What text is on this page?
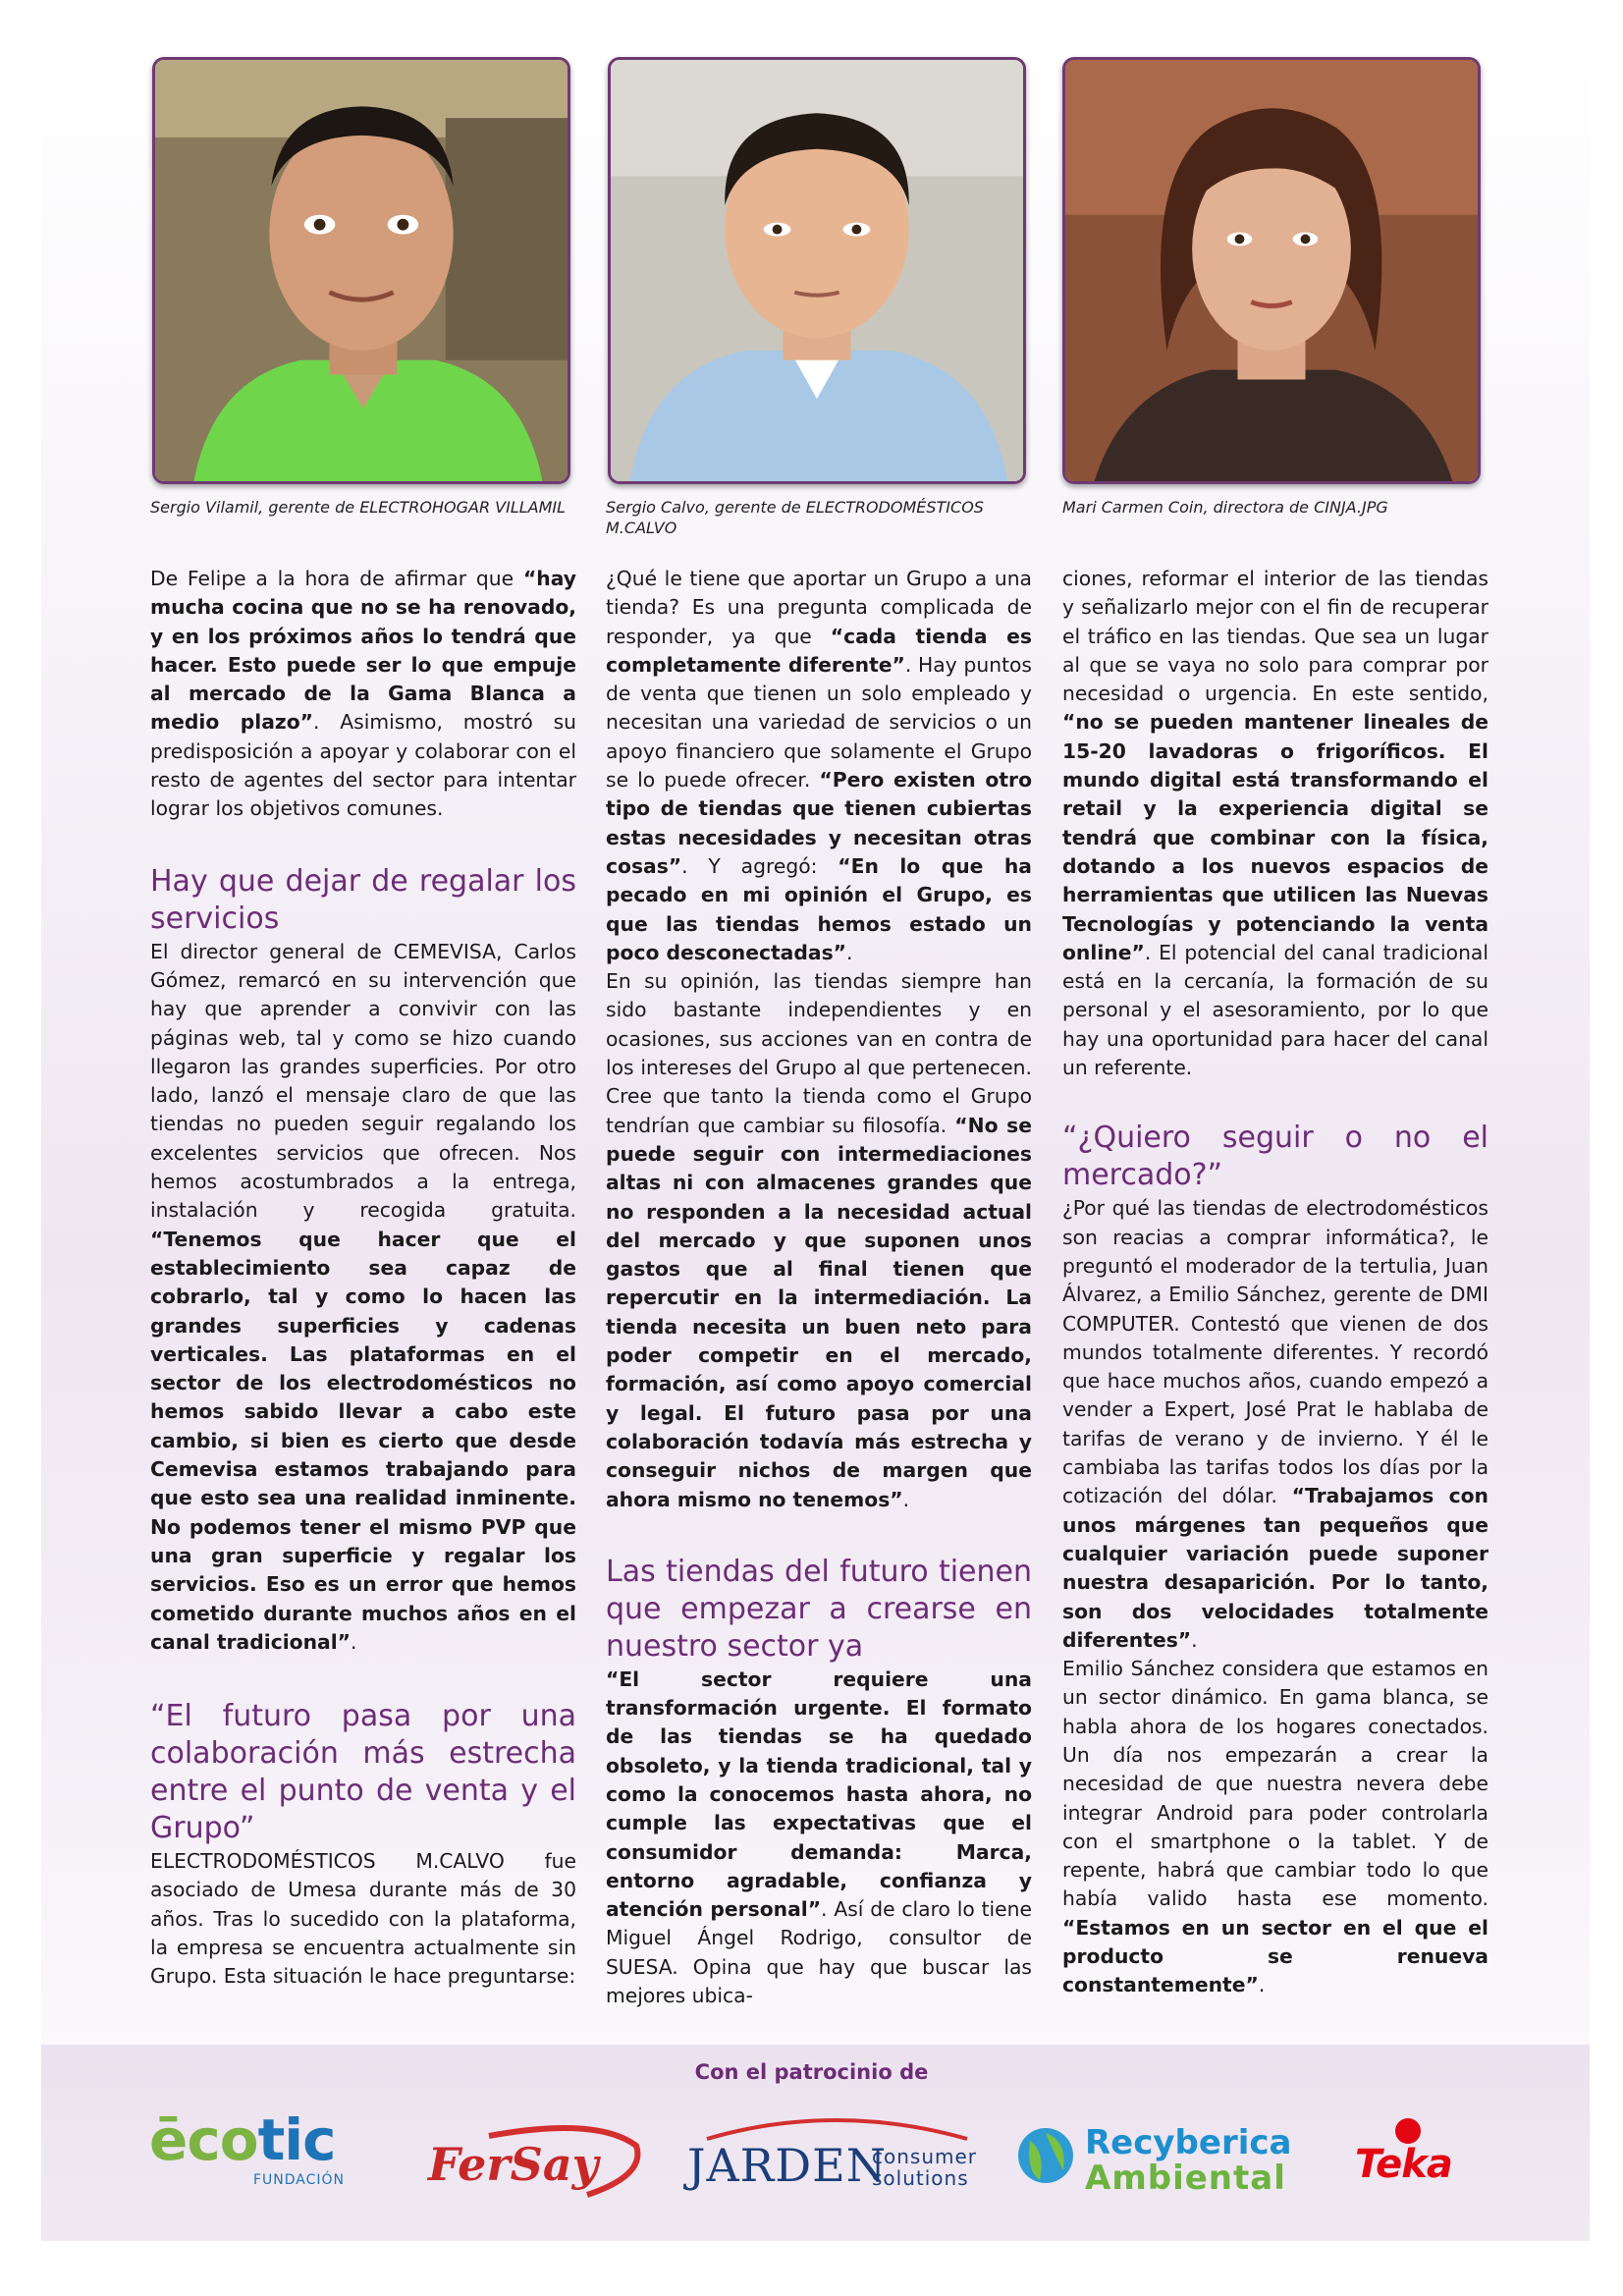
Sergio Vilamil, gerente de ELECTROHOGAR VILLAMIL	Sergio Calvo, gerente de ELECTRODOMÉSTICOS M.CALVO
Mari Carmen Coin, directora de CINJA.JPG

De Felipe a la hora de afirmar que “hay mucha cocina que no se ha renovado, y en los próximos años lo tendrá que hacer. Esto puede ser lo que empuje al mercado de la Gama Blanca a medio plazo”. Asimismo, mostró su predisposición a apoyar y colaborar con el resto de agentes del sector para intentar lograr los objetivos comunes.

Hay que dejar de regalar los servicios

El director general de CEMEVISA, Carlos Gómez, remarcó en su intervención que hay que aprender a convivir con las páginas web, tal y como se hizo cuando llegaron las grandes superficies. Por otro lado, lanzó el mensaje claro de que las tiendas no pueden seguir regalando los excelentes servicios que ofrecen. Nos hemos acostumbrados a la entrega, instalación y recogida gratuita. “Tenemos que hacer que el establecimiento sea capaz de cobrarlo, tal y como lo hacen las grandes superficies y cadenas verticales. Las plataformas en el sector de los electrodomésticos no hemos sabido llevar a cabo este cambio, si bien es cierto que desde Cemevisa estamos trabajando para que esto sea una realidad inminente. No podemos tener el mismo PVP que una gran superficie y regalar los servicios. Eso es un error que hemos cometido durante muchos años en el canal tradicional”.

“El futuro pasa por una colaboración más estrecha entre el punto de venta y el Grupo”

ELECTRODOMÉSTICOS M.CALVO fue asociado de Umesa durante más de 30 años. Tras lo sucedido con la plataforma, la empresa se encuentra actualmente sin Grupo. Esta situación le hace preguntarse:

¿Qué le tiene que aportar un Grupo a una tienda? Es una pregunta complicada de responder, ya que “cada tienda es completamente diferente”. Hay puntos de venta que tienen un solo empleado y necesitan una variedad de servicios o un apoyo financiero que solamente el Grupo se lo puede ofrecer. “Pero existen otro tipo de tiendas que tienen cubiertas estas necesidades y necesitan otras cosas”. Y agregó: “En lo que ha pecado en mi opinión el Grupo, es que las tiendas hemos estado un poco desconectadas”.

En su opinión, las tiendas siempre han sido bastante independientes y en ocasiones, sus acciones van en contra de los intereses del Grupo al que pertenecen. Cree que tanto la tienda como el Grupo tendrían que cambiar su filosofía. “No se puede seguir con intermediaciones altas ni con almacenes grandes que no responden a la necesidad actual del mercado y que suponen unos gastos que al final tienen que repercutir en la intermediación. La tienda necesita un buen neto para poder competir en el mercado, formación, así como apoyo comercial y legal. El futuro pasa por una colaboración todavía más estrecha y conseguir nichos de margen que ahora mismo no tenemos”.

Las tiendas del futuro tienen que empezar a crearse en nuestro sector ya

“El sector requiere una transformación urgente. El formato de las tiendas se ha quedado obsoleto, y la tienda tradicional, tal y como la conocemos hasta ahora, no cumple las expectativas que el consumidor demanda: Marca, entorno agradable, confianza y atención personal”. Así de claro lo tiene Miguel Ángel Rodrigo, consultor de SUESA. Opina que hay que buscar las mejores ubica-

ciones, reformar el interior de las tiendas y señalizarlo mejor con el fin de recuperar el tráfico en las tiendas. Que sea un lugar al que se vaya no solo para comprar por necesidad o urgencia. En este sentido, “no se pueden mantener lineales de 15-20 lavadoras o frigoríficos. El mundo digital está transformando el retail y la experiencia digital se tendrá que combinar con la física, dotando a los nuevos espacios de herramientas que utilicen las Nuevas Tecnologías y potenciando la venta online”. El potencial del canal tradicional está en la cercanía, la formación de su personal y el asesoramiento, por lo que hay una oportunidad para hacer del canal un referente.

“¿Quiero seguir o no el mercado?”

¿Por qué las tiendas de electrodomésticos son reacias a comprar informática?, le preguntó el moderador de la tertulia, Juan Álvarez, a Emilio Sánchez, gerente de DMI COMPUTER. Contestó que vienen de dos mundos totalmente diferentes. Y recordó que hace muchos años, cuando empezó a vender a Expert, José Prat le hablaba de tarifas de verano y de invierno. Y él le cambiaba las tarifas todos los días por la cotización del dólar. “Trabajamos con unos márgenes tan pequeños que cualquier variación puede suponer nuestra desaparición. Por lo tanto, son dos velocidades totalmente diferentes”.

Emilio Sánchez considera que estamos en un sector dinámico. En gama blanca, se habla ahora de los hogares conectados. Un día nos empezarán a crear la necesidad de que nuestra nevera debe integrar Android para poder controlarla con el smartphone o la tablet. Y de repente, habrá que cambiar todo lo que había valido hasta ese momento. “Estamos en un sector en el que el producto se renueva constantemente”.

Con el patrocinio de
ēcotic
FUNDACIÓN FerSay JARDEN
consumer
solutions
Recyberica
Ambiental Teka
